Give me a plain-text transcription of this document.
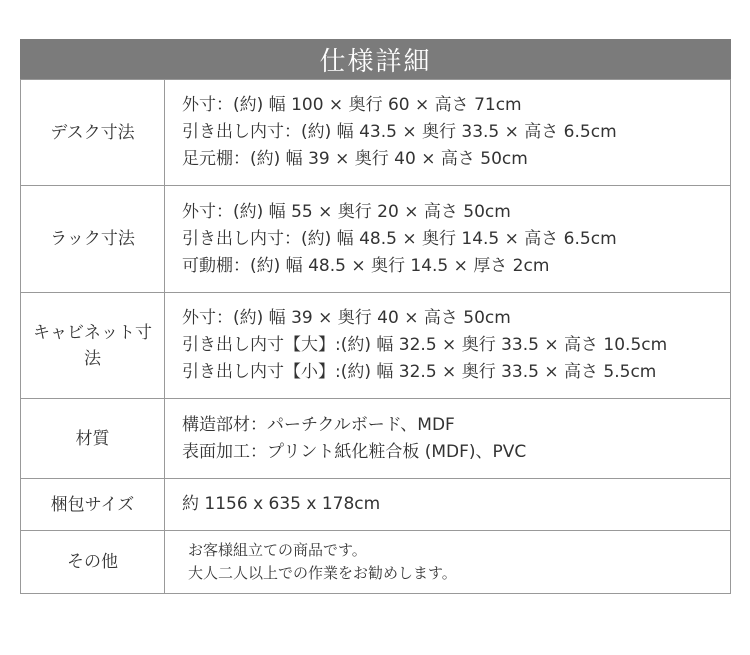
仕様詳細
デスク寸法	外寸：(約) 幅 100 × 奥行 60 × 高さ 71cm
引き出し内寸：(約) 幅 43.5 × 奥行 33.5 × 高さ 6.5cm
足元棚：(約) 幅 39 × 奥行 40 × 高さ 50cm

ラック寸法	外寸：(約) 幅 55 × 奥行 20 × 高さ 50cm
引き出し内寸：(約) 幅 48.5 × 奥行 14.5 × 高さ 6.5cm
可動棚：(約) 幅 48.5 × 奥行 14.5 × 厚さ 2cm

キャビネット寸法	外寸：(約) 幅 39 × 奥行 40 × 高さ 50cm
引き出し内寸【大】:(約) 幅 32.5 × 奥行 33.5 × 高さ 10.5cm
引き出し内寸【小】:(約) 幅 32.5 × 奥行 33.5 × 高さ 5.5cm

材質	構造部材：パーチクルボード、MDF
表面加工：プリント紙化粧合板 (MDF)、PVC

梱包サイズ	約 1156 x 635 x 178cm

その他	お客様組立ての商品です。
大人二人以上での作業をお勧めします。
